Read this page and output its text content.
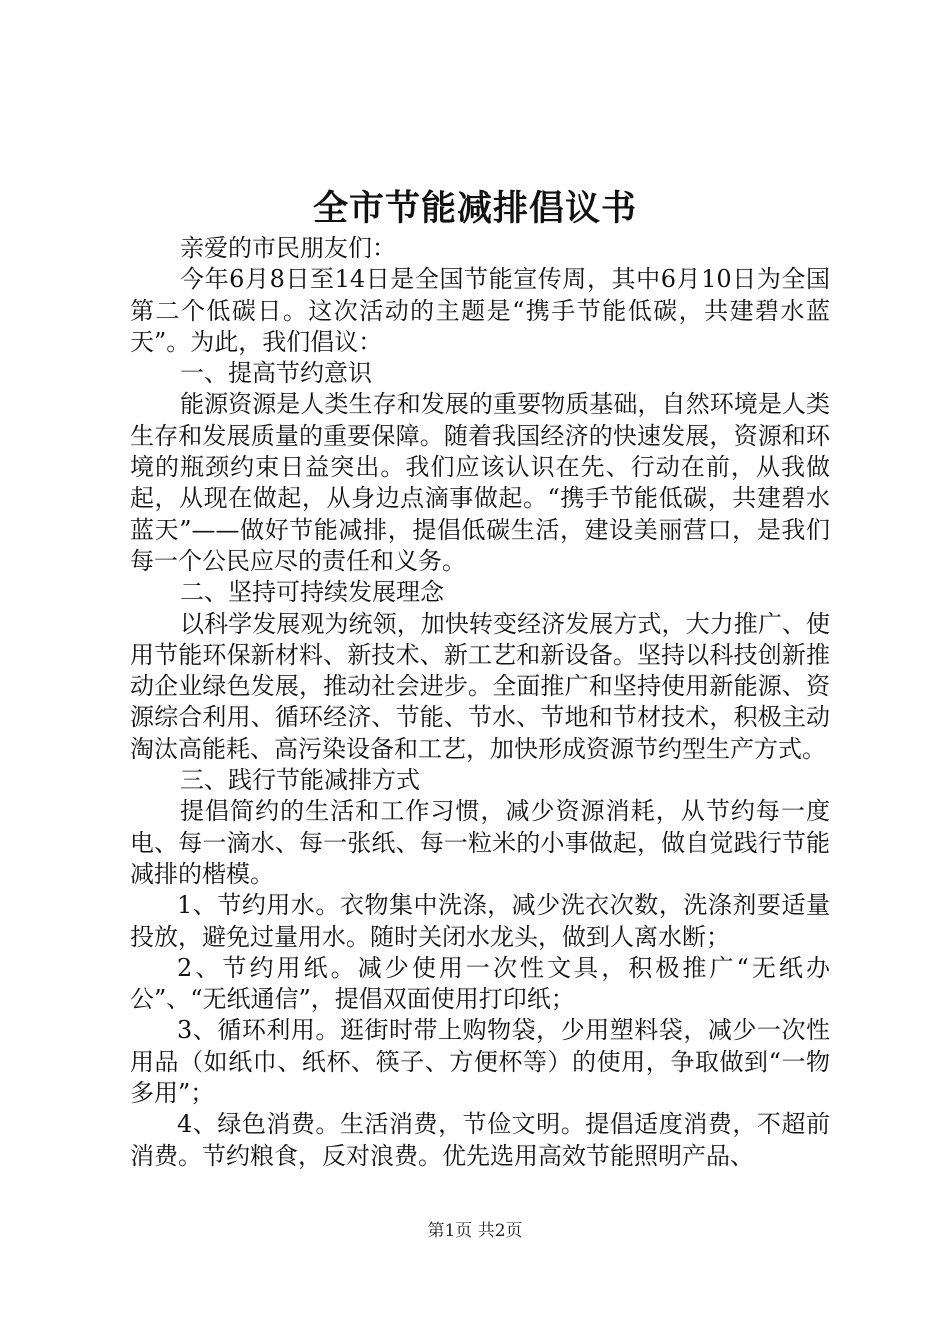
全市节能减排倡议书

亲爱的市民朋友们：

今年6月8日至14日是全国节能宣传周，其中6月10日为全国第二个低碳日。这次活动的主题是“携手节能低碳，共建碧水蓝天”。为此，我们倡议：

一、提高节约意识

能源资源是人类生存和发展的重要物质基础，自然环境是人类生存和发展质量的重要保障。随着我国经济的快速发展，资源和环境的瓶颈约束日益突出。我们应该认识在先、行动在前，从我做起，从现在做起，从身边点滴事做起。“携手节能低碳，共建碧水蓝天”——做好节能减排，提倡低碳生活，建设美丽营口，是我们每一个公民应尽的责任和义务。

二、坚持可持续发展理念

以科学发展观为统领，加快转变经济发展方式，大力推广、使用节能环保新材料、新技术、新工艺和新设备。坚持以科技创新推动企业绿色发展，推动社会进步。全面推广和坚持使用新能源、资源综合利用、循环经济、节能、节水、节地和节材技术，积极主动淘汰高能耗、高污染设备和工艺，加快形成资源节约型生产方式。

三、践行节能减排方式

提倡简约的生活和工作习惯，减少资源消耗，从节约每一度电、每一滴水、每一张纸、每一粒米的小事做起，做自觉践行节能减排的楷模。

1、节约用水。衣物集中洗涤，减少洗衣次数，洗涤剂要适量投放，避免过量用水。随时关闭水龙头，做到人离水断；

2、节约用纸。减少使用一次性文具，积极推广“无纸办公”、“无纸通信”，提倡双面使用打印纸；

3、循环利用。逛街时带上购物袋，少用塑料袋，减少一次性用品（如纸巾、纸杯、筷子、方便杯等）的使用，争取做到“一物多用”；

4、绿色消费。生活消费，节俭文明。提倡适度消费，不超前消费。节约粮食，反对浪费。优先选用高效节能照明产品、

第1页 共2页
